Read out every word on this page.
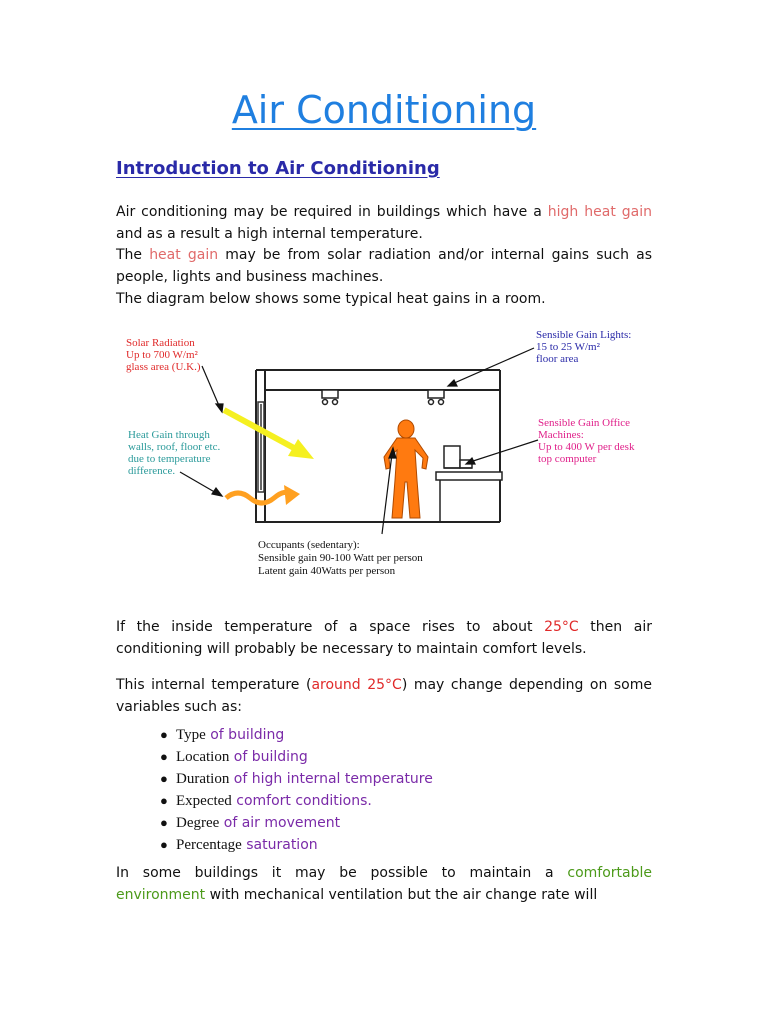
Air Conditioning
Introduction to Air Conditioning

Air conditioning may be required in buildings which have a high heat gain and as a result a high internal temperature.

The heat gain may be from solar radiation and/or internal gains such as people, lights and business machines.

The diagram below shows some typical heat gains in a room.

Solar Radiation Up to 700 W/m² glass area (U.K.)
Heat Gain through walls, roof, floor etc. due to temperature difference.
Sensible Gain Lights: 15 to 25 W/m² floor area
Sensible Gain Office Machines: Up to 400 W per desk top computer
Occupants (sedentary): Sensible gain 90-100 Watt per person Latent gain 40Watts per person

If the inside temperature of a space rises to about 25°C then air conditioning will probably be necessary to maintain comfort levels.

This internal temperature (around 25°C) may change depending on some variables such as:

● Type of building
● Location of building
● Duration of high internal temperature
● Expected comfort conditions.
● Degree of air movement
● Percentage saturation

In some buildings it may be possible to maintain a comfortable environment with mechanical ventilation but the air change rate will
